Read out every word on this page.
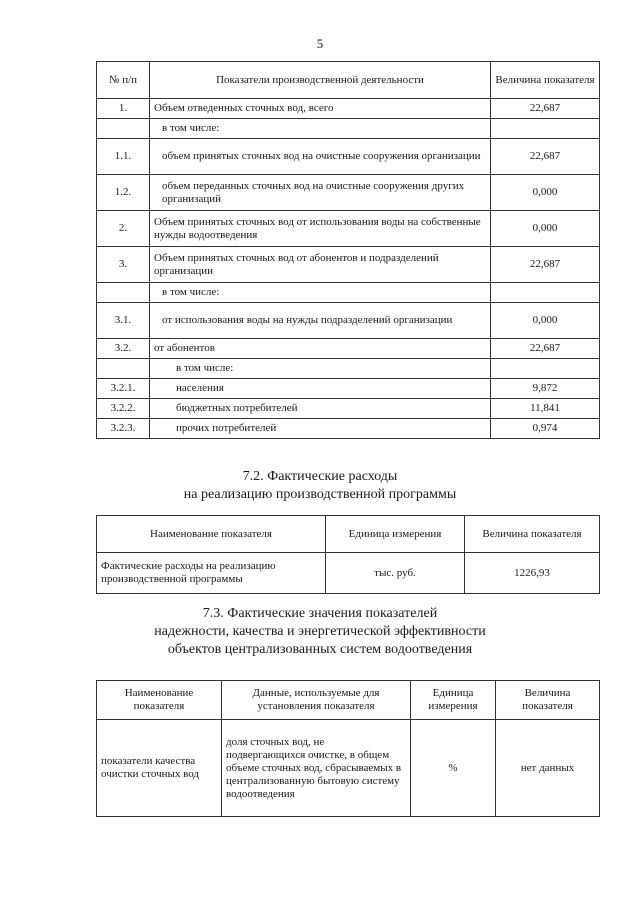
5
№ п/п	Показатели производственной деятельности	Величина показателя
1.	Объем отведенных сточных вод, всего	22,687
	в том числе:	
1.1.	объем принятых сточных вод на очистные сооружения организации	22,687
1.2.	объем переданных сточных вод на очистные сооружения других организаций	0,000
2.	Объем принятых сточных вод от использования воды на собственные нужды водоотведения	0,000
3.	Объем принятых сточных вод от абонентов и подразделений организации	22,687
	в том числе:	
3.1.	от использования воды на нужды подразделений организации	0,000
3.2.	от абонентов	22,687
	в том числе:	
3.2.1.	населения	9,872
3.2.2.	бюджетных потребителей	11,841
3.2.3.	прочих потребителей	0,974
7.2. Фактические расходы
на реализацию производственной программы
Наименование показателя	Единица измерения	Величина показателя
Фактические расходы на реализацию производственной программы	тыс. руб.	1226,93
7.3. Фактические значения показателей
надежности, качества и энергетической эффективности
объектов централизованных систем водоотведения
Наименование показателя	Данные, используемые для установления показателя	Единица измерения	Величина показателя
показатели качества очистки сточных вод	доля сточных вод, не подвергающихся очистке, в общем объеме сточных вод, сбрасываемых в централизованную бытовую систему водоотведения	%	нет данных
